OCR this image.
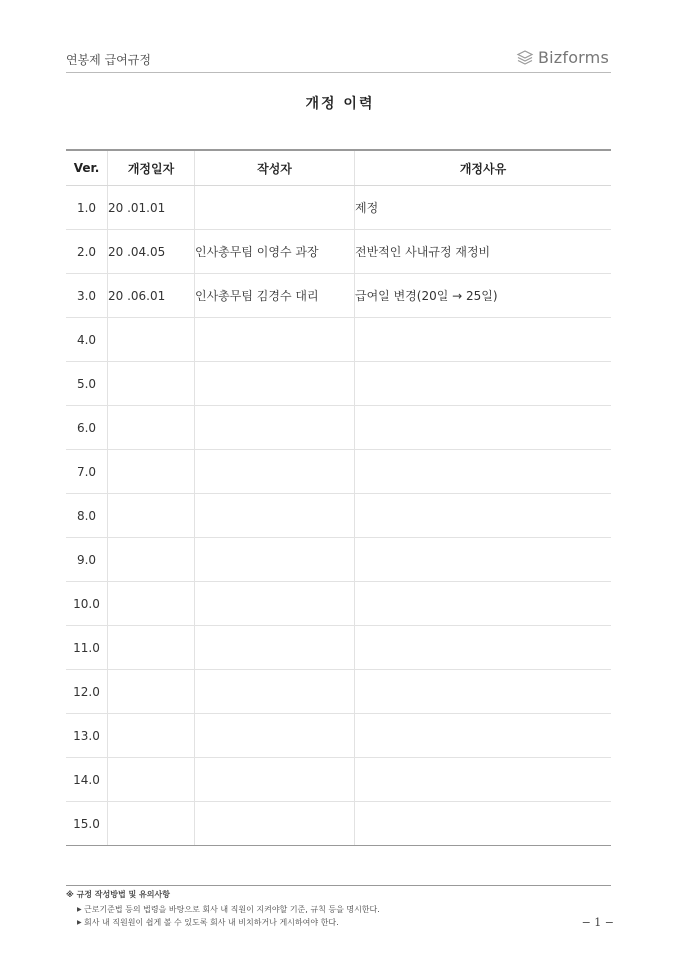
연봉제 급여규정	Bizforms
개정 이력
Ver.	개정일자	작성자	개정사유
1.0	20 .01.01		제정
2.0	20 .04.05	인사총무팀 이영수 과장	전반적인 사내규정 재정비
3.0	20 .06.01	인사총무팀 김경수 대리	급여일 변경(20일 → 25일)
4.0			
5.0			
6.0			
7.0			
8.0			
9.0			
10.0			
11.0			
12.0			
13.0			
14.0			
15.0			
※ 규정 작성방법 및 유의사항
▶ 근로기준법 등의 법령을 바탕으로 회사 내 직원이 지켜야할 기준, 규칙 등을 명시한다.
▶ 회사 내 직원원이 쉽게 볼 수 있도록 회사 내 비치하거나 게시하여야 한다.	− 1 −
